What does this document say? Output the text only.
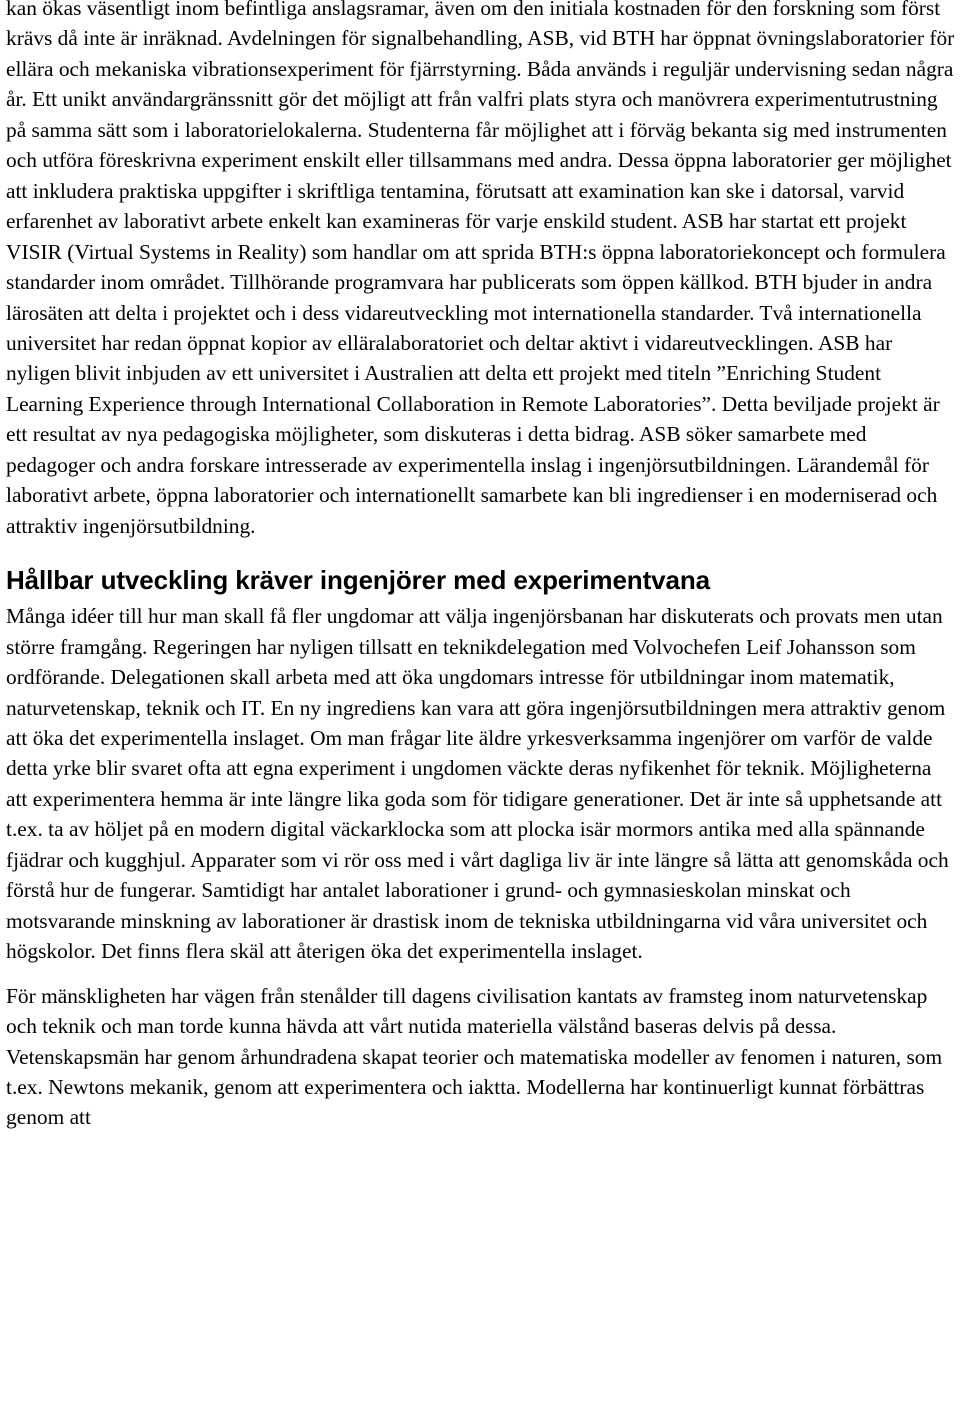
kan ökas väsentligt inom befintliga anslagsramar, även om den initiala kostnaden för den forskning som först krävs då inte är inräknad. Avdelningen för signalbehandling, ASB, vid BTH har öppnat övningslaboratorier för ellära och mekaniska vibrationsexperiment för fjärrstyrning. Båda används i reguljär undervisning sedan några år. Ett unikt användargränssnitt gör det möjligt att från valfri plats styra och manövrera experimentutrustning på samma sätt som i laboratorielokalerna. Studenterna får möjlighet att i förväg bekanta sig med instrumenten och utföra föreskrivna experiment enskilt eller tillsammans med andra. Dessa öppna laboratorier ger möjlighet att inkludera praktiska uppgifter i skriftliga tentamina, förutsatt att examination kan ske i datorsal, varvid erfarenhet av laborativt arbete enkelt kan examineras för varje enskild student. ASB har startat ett projekt VISIR (Virtual Systems in Reality) som handlar om att sprida BTH:s öppna laboratoriekoncept och formulera standarder inom området. Tillhörande programvara har publicerats som öppen källkod. BTH bjuder in andra lärosäten att delta i projektet och i dess vidareutveckling mot internationella standarder. Två internationella universitet har redan öppnat kopior av elläralaboratoriet och deltar aktivt i vidareutvecklingen. ASB har nyligen blivit inbjuden av ett universitet i Australien att delta ett projekt med titeln ”Enriching Student Learning Experience through International Collaboration in Remote Laboratories”. Detta beviljade projekt är ett resultat av nya pedagogiska möjligheter, som diskuteras i detta bidrag. ASB söker samarbete med pedagoger och andra forskare intresserade av experimentella inslag i ingenjörsutbildningen. Lärandemål för laborativt arbete, öppna laboratorier och internationellt samarbete kan bli ingredienser i en moderniserad och attraktiv ingenjörsutbildning.

Hållbar utveckling kräver ingenjörer med experimentvana

Många idéer till hur man skall få fler ungdomar att välja ingenjörsbanan har diskuterats och provats men utan större framgång. Regeringen har nyligen tillsatt en teknikdelegation med Volvochefen Leif Johansson som ordförande. Delegationen skall arbeta med att öka ungdomars intresse för utbildningar inom matematik, naturvetenskap, teknik och IT. En ny ingrediens kan vara att göra ingenjörsutbildningen mera attraktiv genom att öka det experimentella inslaget. Om man frågar lite äldre yrkesverksamma ingenjörer om varför de valde detta yrke blir svaret ofta att egna experiment i ungdomen väckte deras nyfikenhet för teknik. Möjligheterna att experimentera hemma är inte längre lika goda som för tidigare generationer. Det är inte så upphetsande att t.ex. ta av höljet på en modern digital väckarklocka som att plocka isär mormors antika med alla spännande fjädrar och kugghjul. Apparater som vi rör oss med i vårt dagliga liv är inte längre så lätta att genomskåda och förstå hur de fungerar. Samtidigt har antalet laborationer i grund- och gymnasieskolan minskat och motsvarande minskning av laborationer är drastisk inom de tekniska utbildningarna vid våra universitet och högskolor. Det finns flera skäl att återigen öka det experimentella inslaget.

För mänskligheten har vägen från stenålder till dagens civilisation kantats av framsteg inom naturvetenskap och teknik och man torde kunna hävda att vårt nutida materiella välstånd baseras delvis på dessa. Vetenskapsmän har genom århundradena skapat teorier och matematiska modeller av fenomen i naturen, som t.ex. Newtons mekanik, genom att experimentera och iaktta. Modellerna har kontinuerligt kunnat förbättras genom att
